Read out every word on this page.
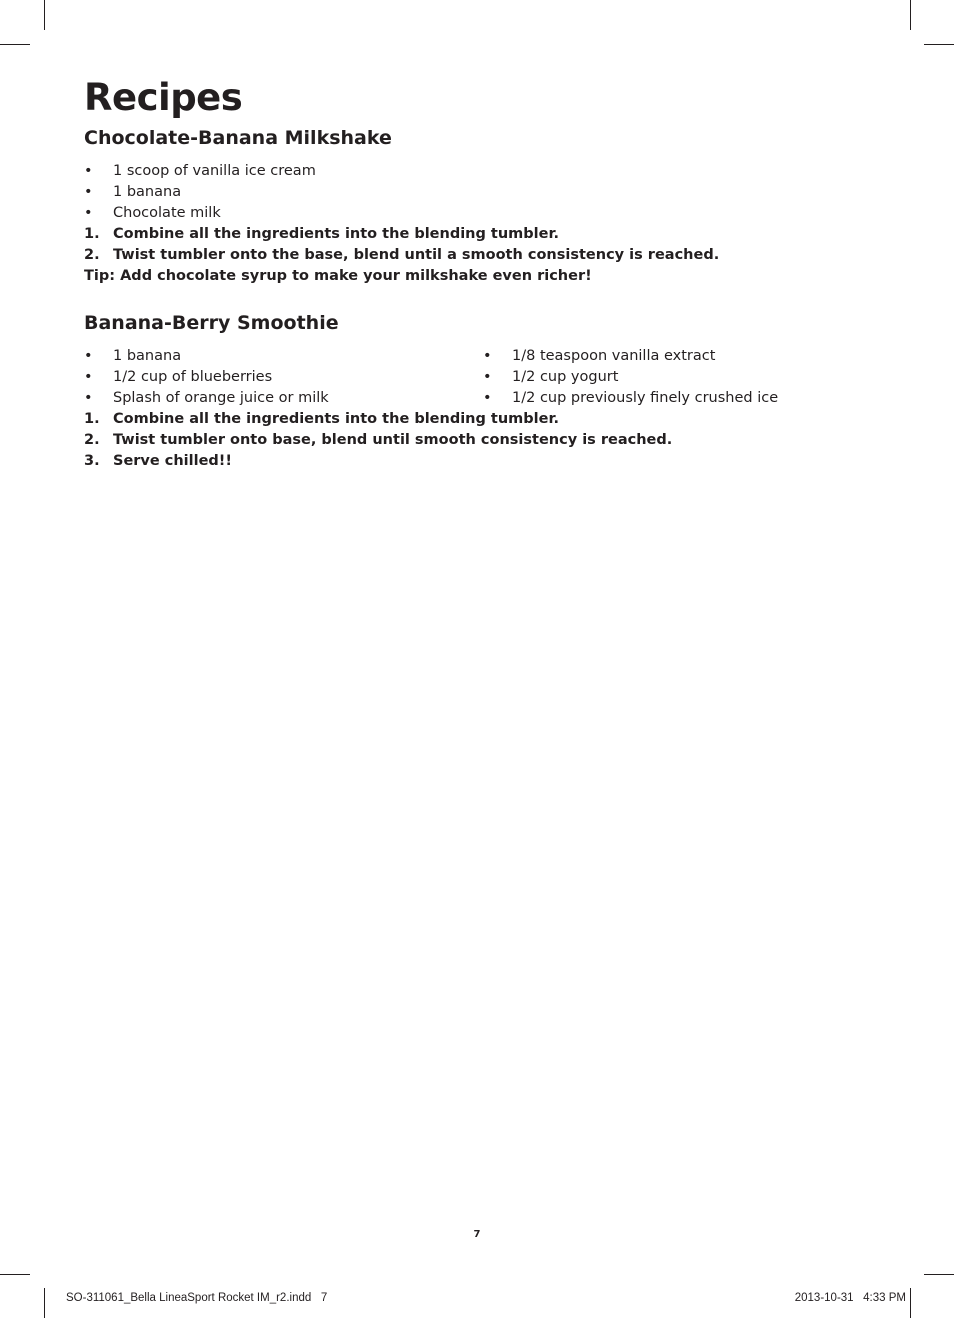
Recipes
Chocolate-Banana Milkshake
• 1 scoop of vanilla ice cream
• 1 banana
• Chocolate milk
1. Combine all the ingredients into the blending tumbler.
2. Twist tumbler onto the base, blend until a smooth consistency is reached.
Tip: Add chocolate syrup to make your milkshake even richer!
Banana-Berry Smoothie
• 1 banana
• 1/2 cup of blueberries
• Splash of orange juice or milk
• 1/8 teaspoon vanilla extract
• 1/2 cup yogurt
• 1/2 cup previously finely crushed ice
1. Combine all the ingredients into the blending tumbler.
2. Twist tumbler onto base, blend until smooth consistency is reached.
3. Serve chilled!!
7
SO-311061_Bella LineaSport Rocket IM_r2.indd   7	2013-10-31   4:33 PM
